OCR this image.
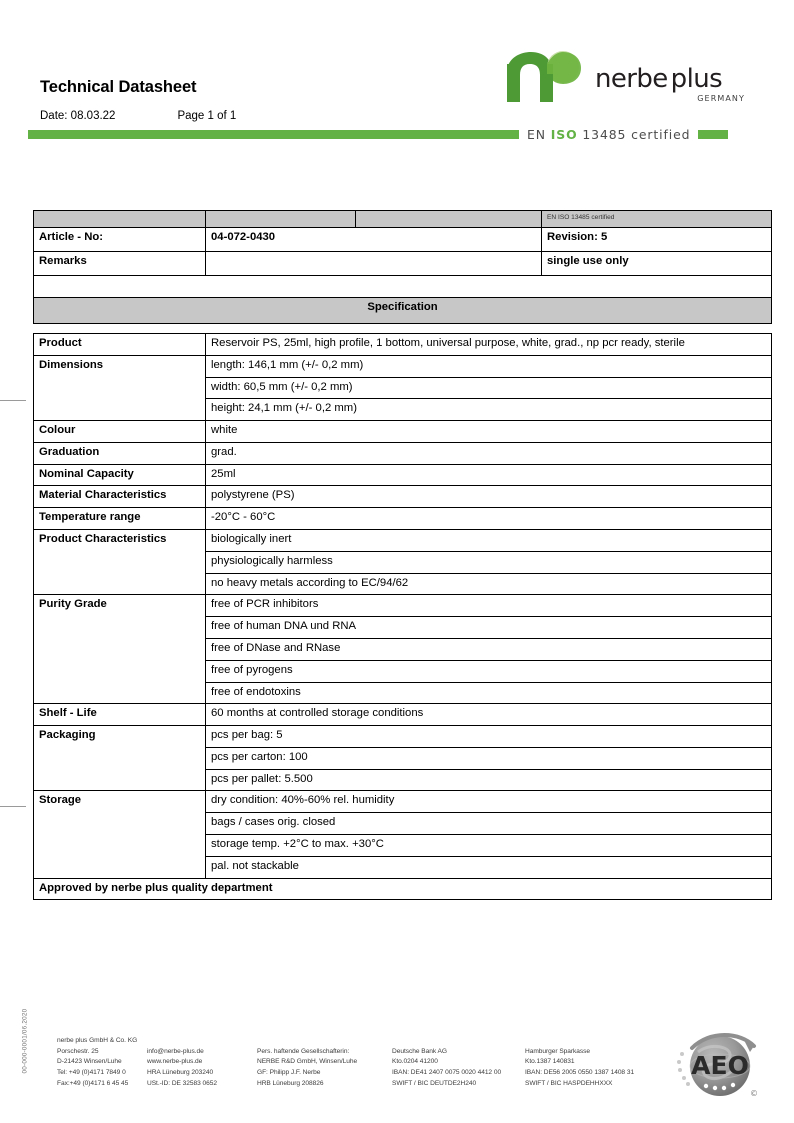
00-000-0001/06.2020
Technical Datasheet
Date: 08.03.22	Page 1 of 1
nerbe plus
GERMANY
EN ISO 13485 certified
			EN ISO 13485 certified
Article - No:	04-072-0430		Revision: 5
Remarks			single use only

Specification			
Product	Reservoir PS, 25ml, high profile, 1 bottom, universal purpose, white, grad., np pcr ready, sterile
Dimensions	length: 146,1 mm (+/- 0,2 mm)
	width: 60,5 mm (+/- 0,2 mm)
	height: 24,1 mm (+/- 0,2 mm)
Colour	white
Graduation	grad.
Nominal Capacity	25ml
Material Characteristics	polystyrene (PS)
Temperature range	-20°C - 60°C
Product Characteristics	biologically inert
	physiologically harmless
	no heavy metals according to EC/94/62
Purity Grade	free of PCR inhibitors
	free of human DNA und RNA
	free of DNase and RNase
	free of pyrogens
	free of endotoxins
Shelf - Life	60 months at controlled storage conditions
Packaging	pcs per bag: 5
	pcs per carton: 100
	pcs per pallet: 5.500
Storage	dry condition: 40%-60% rel. humidity
	bags / cases orig. closed
	storage temp. +2°C to max. +30°C
	pal. not stackable
Approved by nerbe plus quality department	
nerbe plus GmbH & Co. KG
Porschestr. 25
D-21423 Winsen/Luhe
Tel: +49 (0)4171 7849 0
Fax:+49 (0)4171 6 45 45

info@nerbe-plus.de
www.nerbe-plus.de
HRA Lüneburg 203240
USt.-ID: DE 32583 0652

Pers. haftende Gesellschafterin:
NERBE R&D GmbH, Winsen/Luhe
GF: Philipp J.F. Nerbe
HRB Lüneburg 208826

Deutsche Bank AG
Kto.0204 41200
IBAN: DE41 2407 0075 0020 4412 00
SWIFT / BIC DEUTDE2H240

Hamburger Sparkasse
Kto.1387 140831
IBAN: DE56 2005 0550 1387 1408 31
SWIFT / BIC HASPDEHHXXX
AEO
©
